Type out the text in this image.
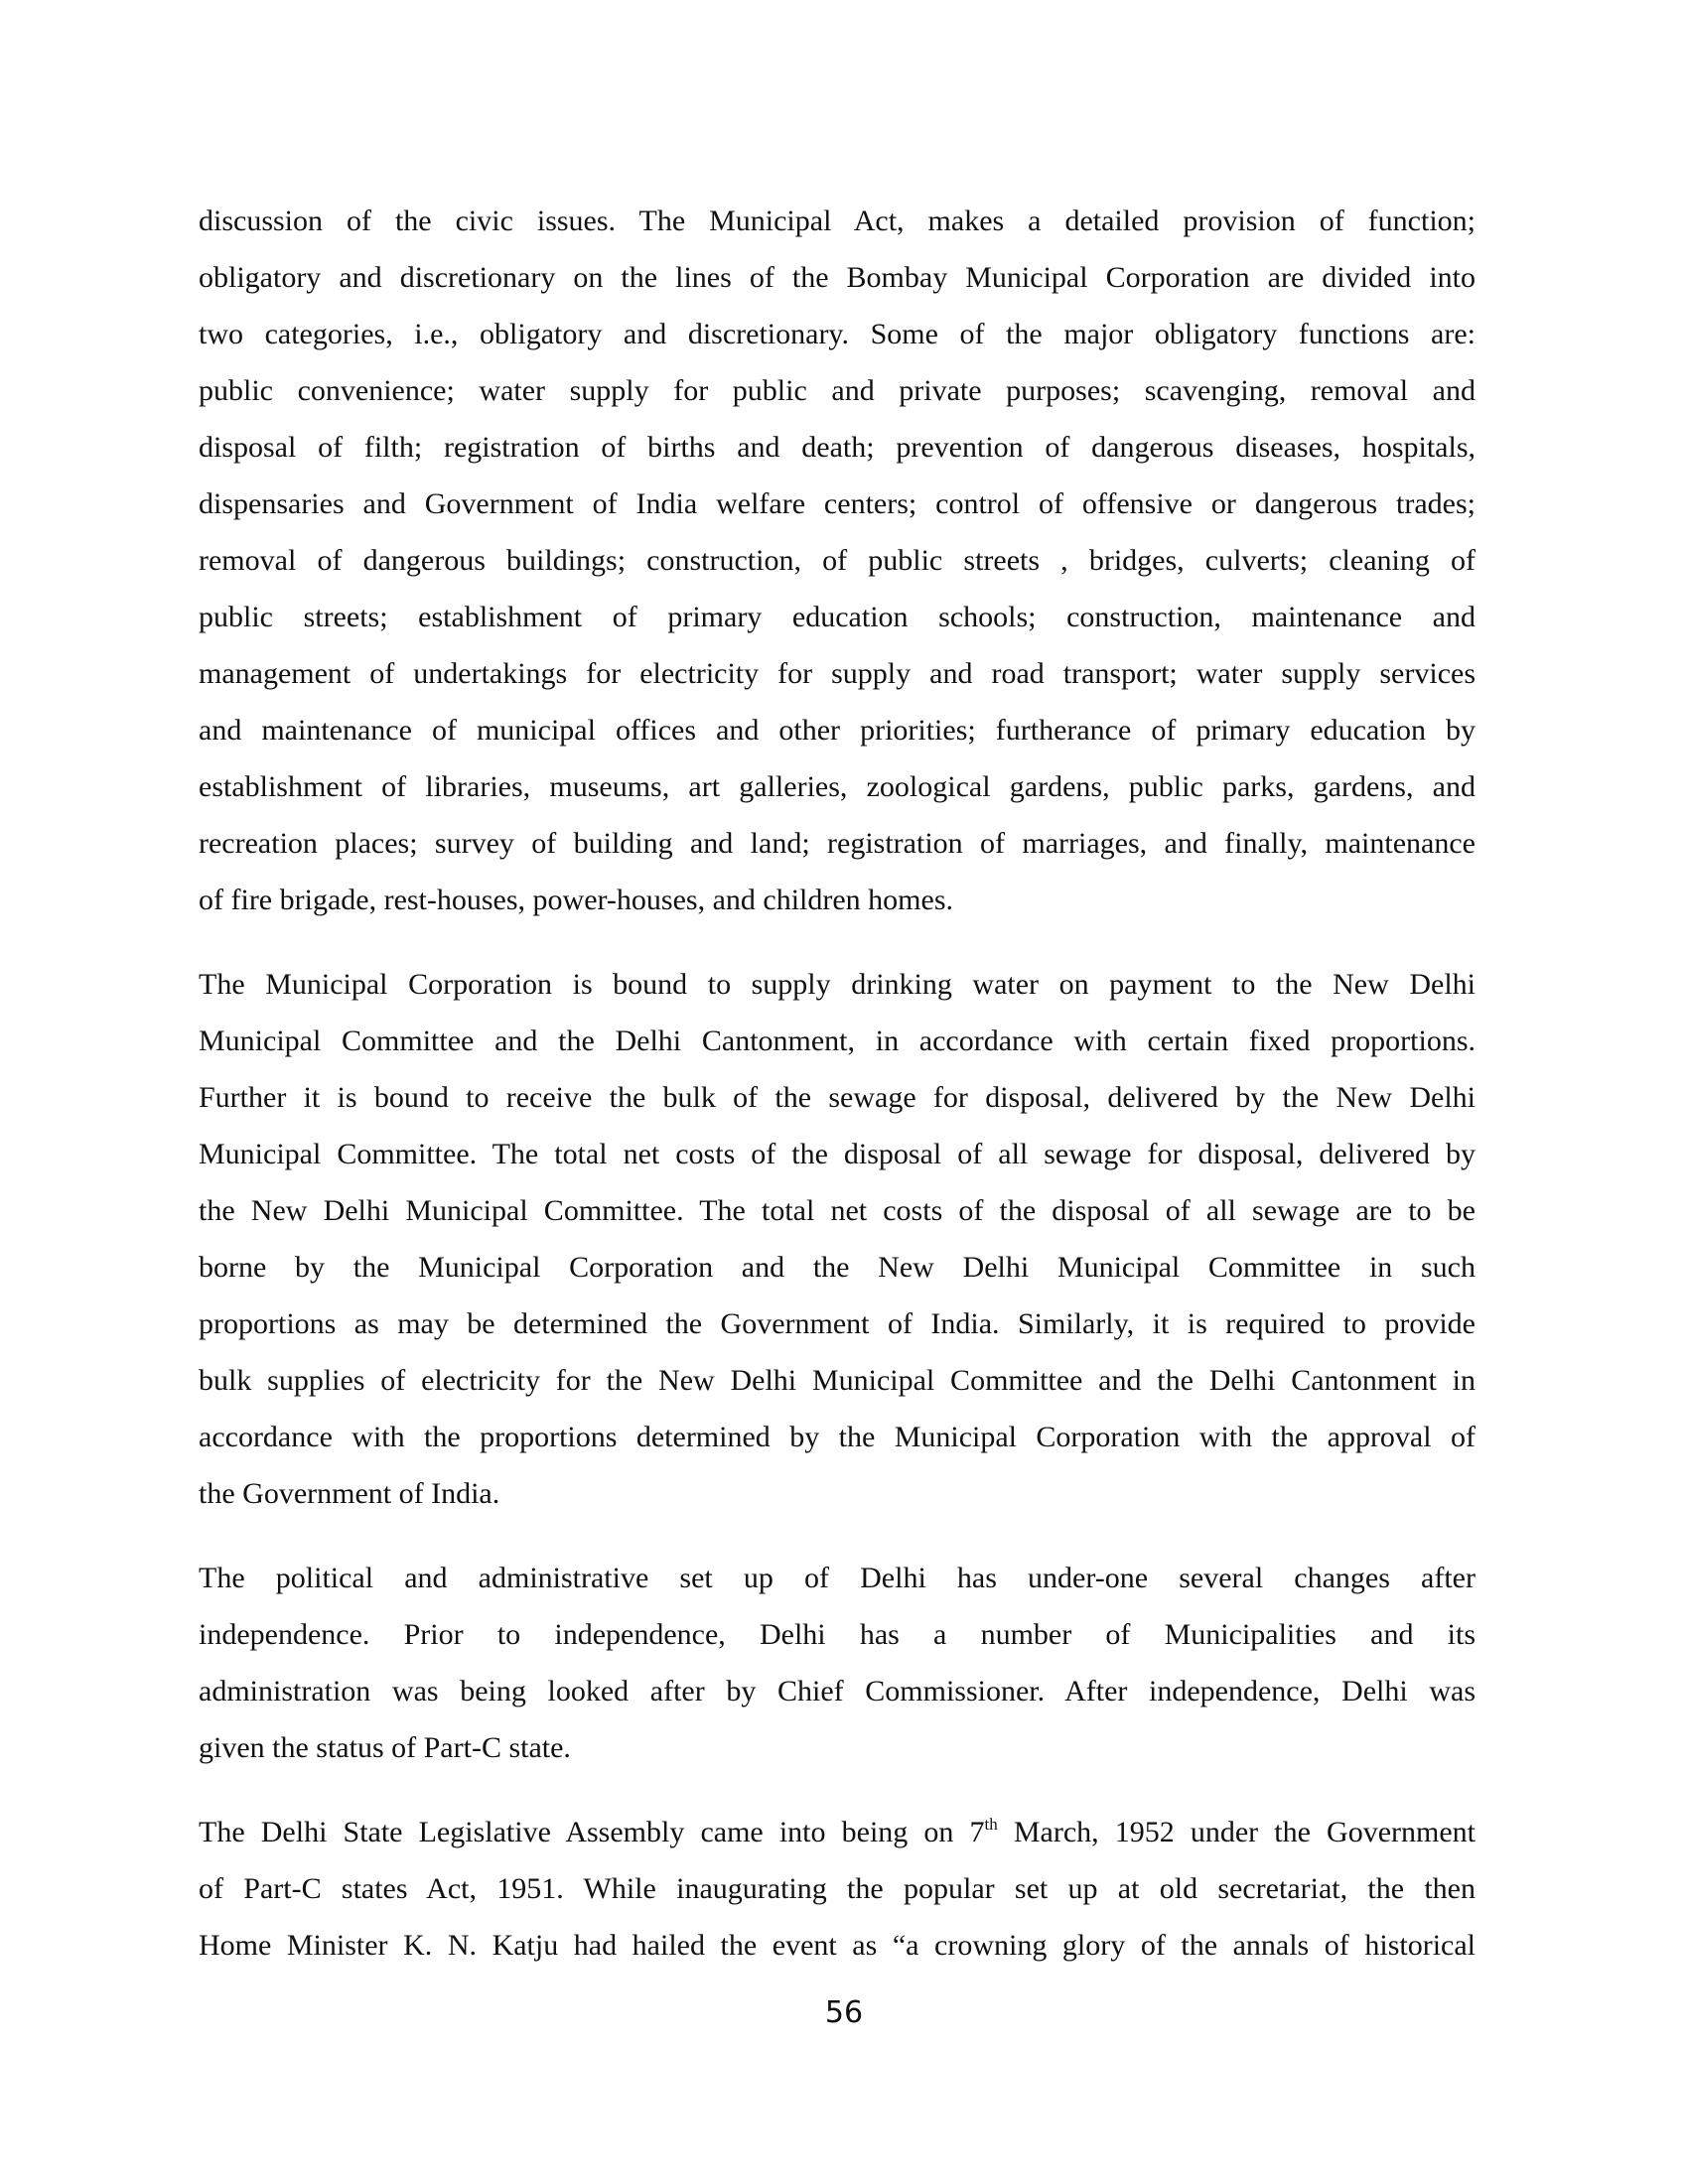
discussion of the civic issues. The Municipal Act, makes a detailed provision of function;
obligatory and discretionary on the lines of the Bombay Municipal Corporation are divided into
two categories, i.e., obligatory and discretionary. Some of the major obligatory functions are:
public convenience; water supply for public and private purposes; scavenging, removal and
disposal of filth; registration of births and death; prevention of dangerous diseases, hospitals,
dispensaries and Government of India welfare centers; control of offensive or dangerous trades;
removal of dangerous buildings; construction, of public streets , bridges, culverts; cleaning of
public streets; establishment of primary education schools; construction, maintenance and
management of undertakings for electricity for supply and road transport; water supply services
and maintenance of municipal offices and other priorities; furtherance of primary education by
establishment of libraries, museums, art galleries, zoological gardens, public parks, gardens, and
recreation places; survey of building and land; registration of marriages, and finally, maintenance
of fire brigade, rest-houses, power-houses, and children homes.

The Municipal Corporation is bound to supply drinking water on payment to the New Delhi
Municipal Committee and the Delhi Cantonment, in accordance with certain fixed proportions.
Further it is bound to receive the bulk of the sewage for disposal, delivered by the New Delhi
Municipal Committee. The total net costs of the disposal of all sewage for disposal, delivered by
the New Delhi Municipal Committee. The total net costs of the disposal of all sewage are to be
borne by the Municipal Corporation and the New Delhi Municipal Committee in such
proportions as may be determined the Government of India. Similarly, it is required to provide
bulk supplies of electricity for the New Delhi Municipal Committee and the Delhi Cantonment in
accordance with the proportions determined by the Municipal Corporation with the approval of
the Government of India.

The political and administrative set up of Delhi has under-one several changes after
independence. Prior to independence, Delhi has a number of Municipalities and its
administration was being looked after by Chief Commissioner. After independence, Delhi was
given the status of Part-C state.

The Delhi State Legislative Assembly came into being on 7th March, 1952 under the Government
of Part-C states Act, 1951. While inaugurating the popular set up at old secretariat, the then
Home Minister K. N. Katju had hailed the event as “a crowning glory of the annals of historical

56
